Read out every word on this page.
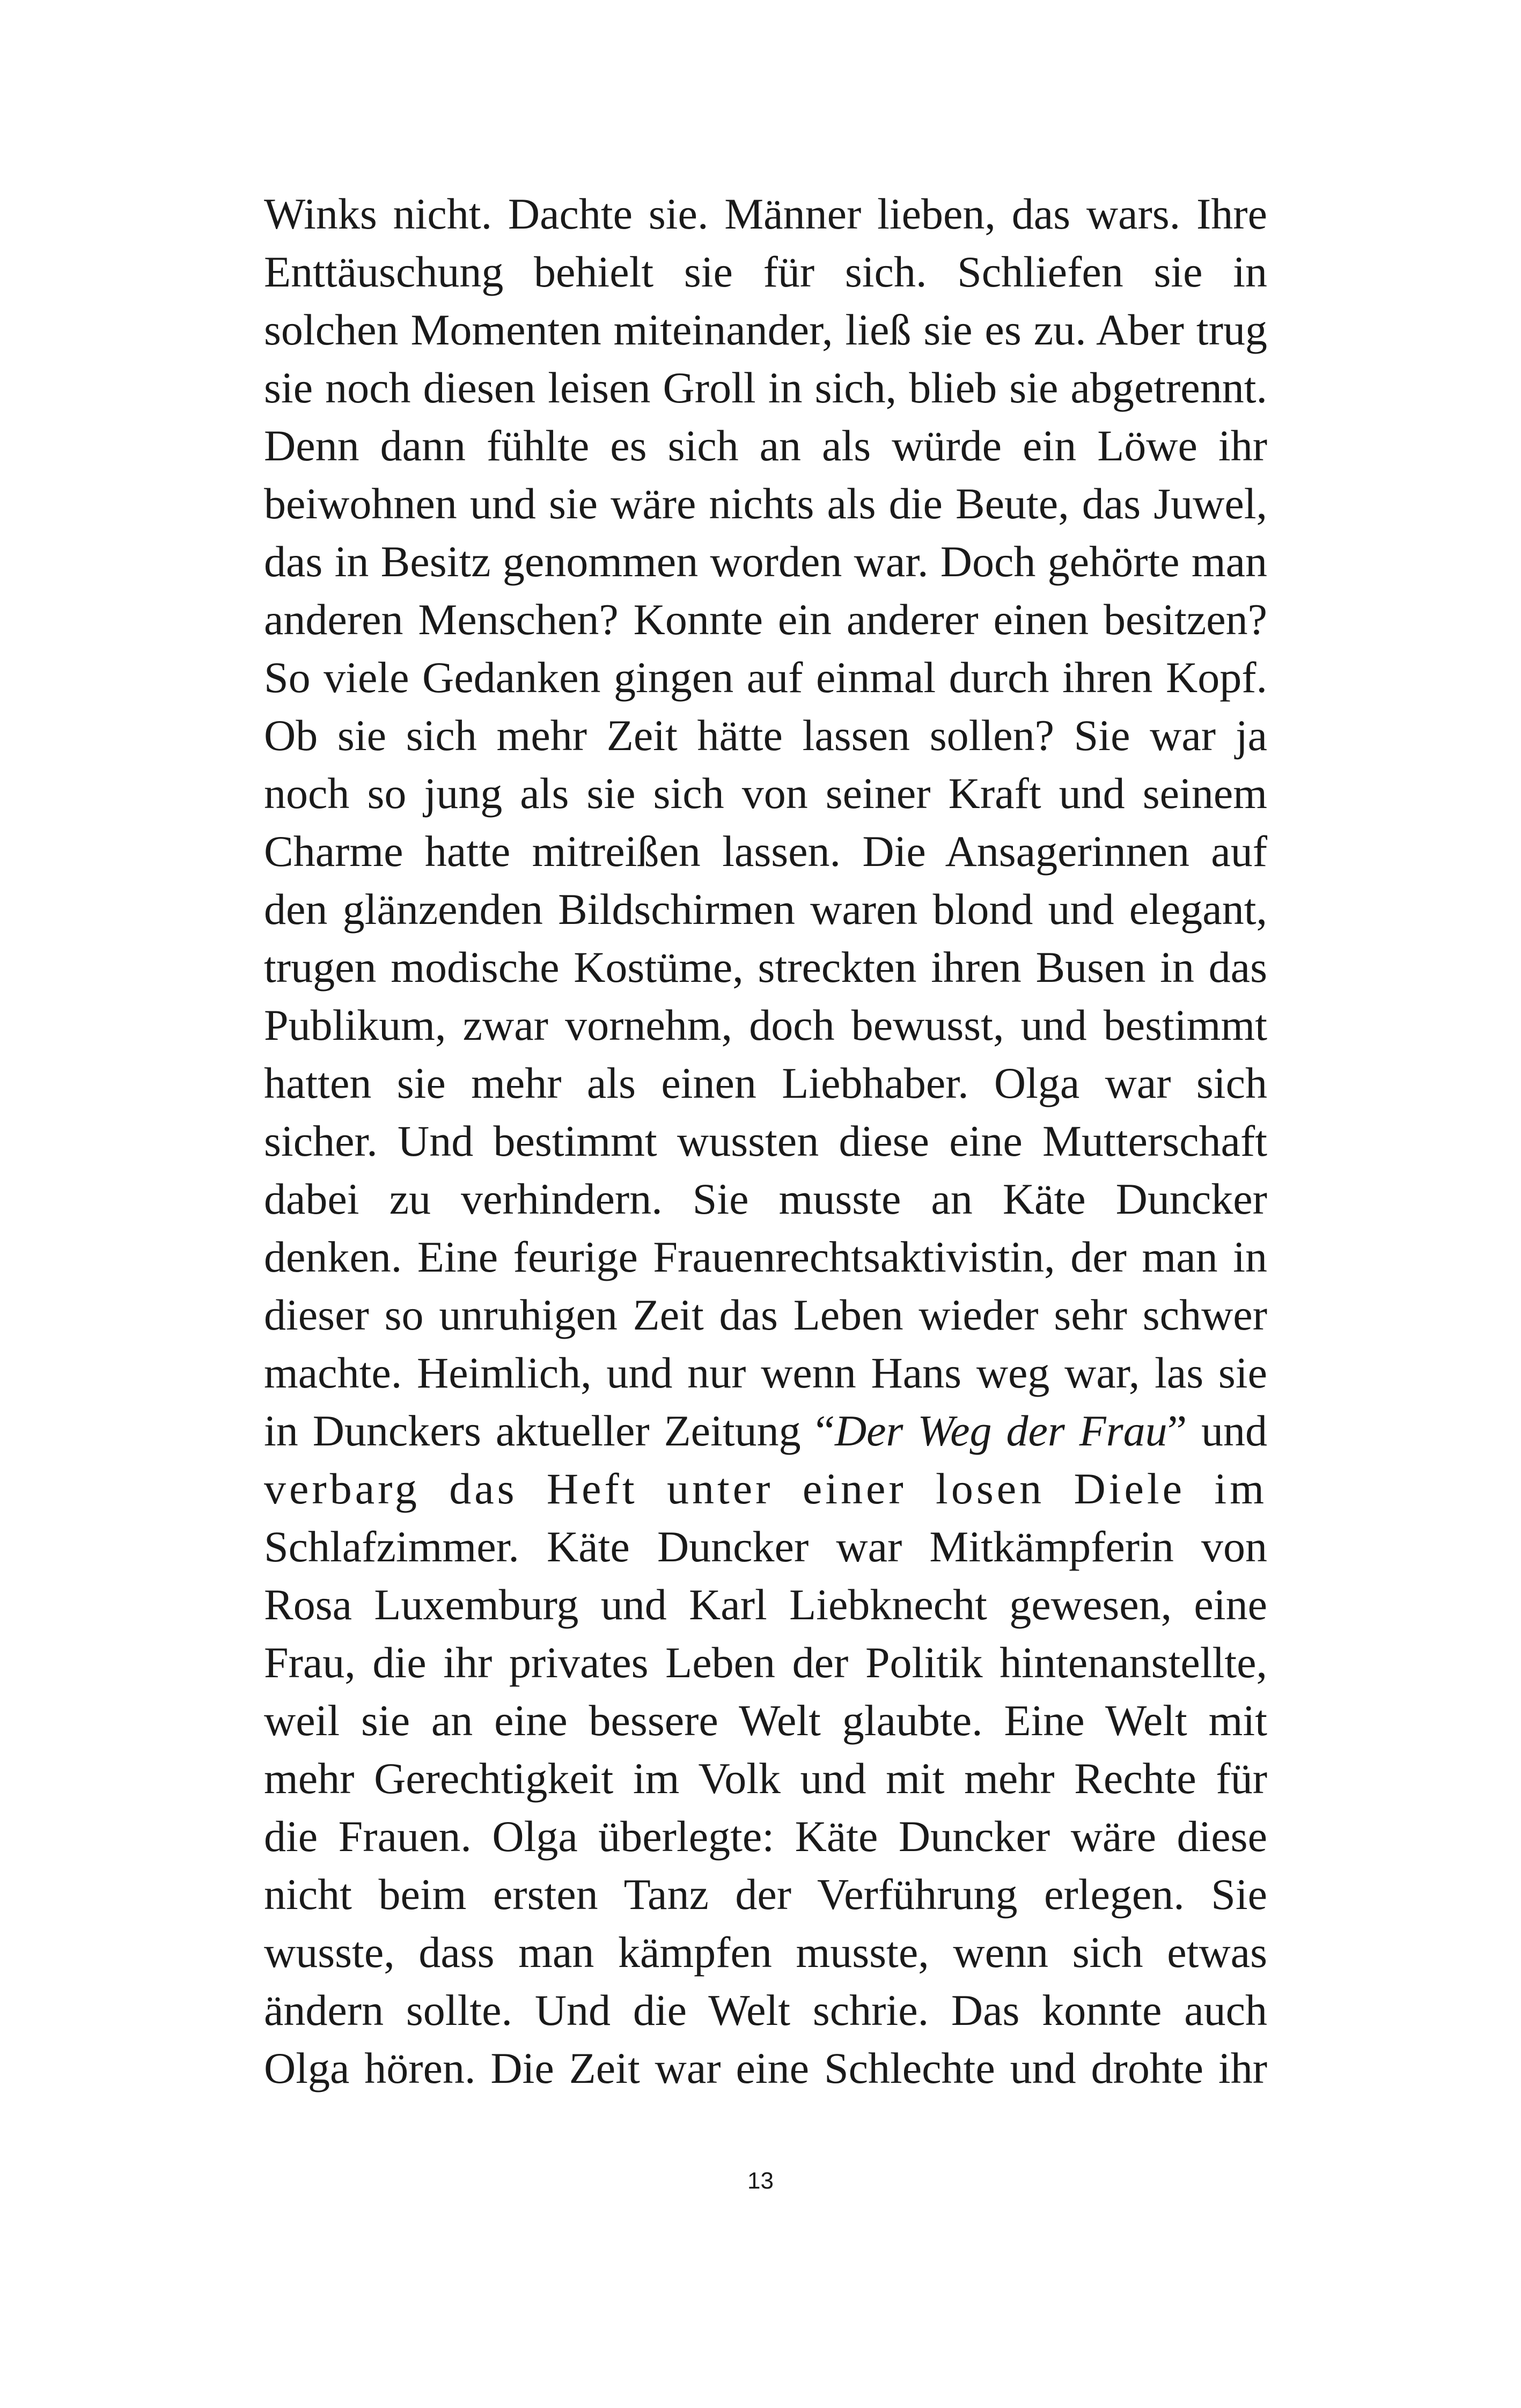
Winks nicht. Dachte sie. Männer lieben, das wars. Ihre
Enttäuschung behielt sie für sich. Schliefen sie in
solchen Momenten miteinander, ließ sie es zu. Aber trug
sie noch diesen leisen Groll in sich, blieb sie abgetrennt.
Denn dann fühlte es sich an als würde ein Löwe ihr
beiwohnen und sie wäre nichts als die Beute, das Juwel,
das in Besitz genommen worden war. Doch gehörte man
anderen Menschen? Konnte ein anderer einen besitzen?
So viele Gedanken gingen auf einmal durch ihren Kopf.
Ob sie sich mehr Zeit hätte lassen sollen? Sie war ja
noch so jung als sie sich von seiner Kraft und seinem
Charme hatte mitreißen lassen. Die Ansagerinnen auf
den glänzenden Bildschirmen waren blond und elegant,
trugen modische Kostüme, streckten ihren Busen in das
Publikum, zwar vornehm, doch bewusst, und bestimmt
hatten sie mehr als einen Liebhaber. Olga war sich
sicher. Und bestimmt wussten diese eine Mutterschaft
dabei zu verhindern. Sie musste an Käte Duncker
denken. Eine feurige Frauenrechtsaktivistin, der man in
dieser so unruhigen Zeit das Leben wieder sehr schwer
machte. Heimlich, und nur wenn Hans weg war, las sie
in Dunckers aktueller Zeitung “Der Weg der Frau” und
verbarg das Heft unter einer losen Diele im
Schlafzimmer. Käte Duncker war Mitkämpferin von
Rosa Luxemburg und Karl Liebknecht gewesen, eine
Frau, die ihr privates Leben der Politik hintenanstellte,
weil sie an eine bessere Welt glaubte. Eine Welt mit
mehr Gerechtigkeit im Volk und mit mehr Rechte für
die Frauen. Olga überlegte: Käte Duncker wäre diese
nicht beim ersten Tanz der Verführung erlegen. Sie
wusste, dass man kämpfen musste, wenn sich etwas
ändern sollte. Und die Welt schrie. Das konnte auch
Olga hören. Die Zeit war eine Schlechte und drohte ihr
13
